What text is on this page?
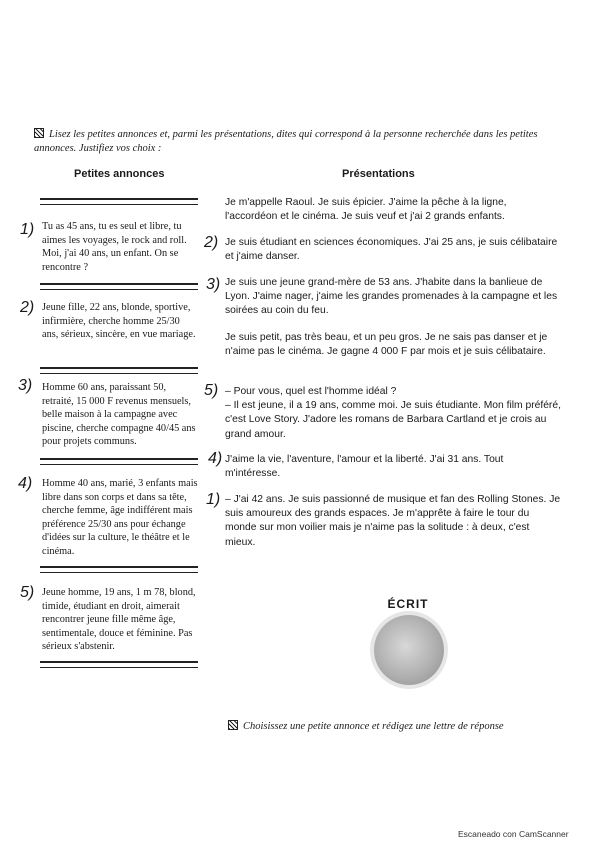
Lisez les petites annonces et, parmi les présentations, dites qui correspond à la personne recherchée dans les petites annonces. Justifiez vos choix :
Petites annonces	Présentations
1)
2)
3)
4)
5)
Tu as 45 ans, tu es seul et libre, tu aimes les voyages, le rock and roll. Moi, j'ai 40 ans, un enfant. On se rencontre ?
Jeune fille, 22 ans, blonde, sportive, infirmière, cherche homme 25/30 ans, sérieux, sincère, en vue mariage.
Homme 60 ans, paraissant 50, retraité, 15 000 F revenus mensuels, belle maison à la campagne avec piscine, cherche compagne 40/45 ans pour projets communs.
Homme 40 ans, marié, 3 enfants mais libre dans son corps et dans sa tête, cherche femme, âge indifférent mais préférence 25/30 ans pour échange d'idées sur la culture, le théâtre et le cinéma.
Jeune homme, 19 ans, 1 m 78, blond, timide, étudiant en droit, aimerait rencontrer jeune fille même âge, sentimentale, douce et féminine. Pas sérieux s'abstenir.
2)
3)
5)
4)
1)
Je m'appelle Raoul. Je suis épicier. J'aime la pêche à la ligne, l'accordéon et le cinéma. Je suis veuf et j'ai 2 grands enfants.
Je suis étudiant en sciences économiques. J'ai 25 ans, je suis célibataire et j'aime danser.
Je suis une jeune grand-mère de 53 ans. J'habite dans la banlieue de Lyon. J'aime nager, j'aime les grandes promenades à la campagne et les soirées au coin du feu.
Je suis petit, pas très beau, et un peu gros. Je ne sais pas danser et je n'aime pas le cinéma. Je gagne 4 000 F par mois et je suis célibataire.
– Pour vous, quel est l'homme idéal ?
– Il est jeune, il a 19 ans, comme moi. Je suis étudiante. Mon film préféré, c'est Love Story. J'adore les romans de Barbara Cartland et je crois au grand amour.
J'aime la vie, l'aventure, l'amour et la liberté. J'ai 31 ans. Tout m'intéresse.
– J'ai 42 ans. Je suis passionné de musique et fan des Rolling Stones. Je suis amoureux des grands espaces. Je m'apprête à faire le tour du monde sur mon voilier mais je n'aime pas la solitude : à deux, c'est mieux.
ÉCRIT
Choisissez une petite annonce et rédigez une lettre de réponse
Escaneado con CamScanner
